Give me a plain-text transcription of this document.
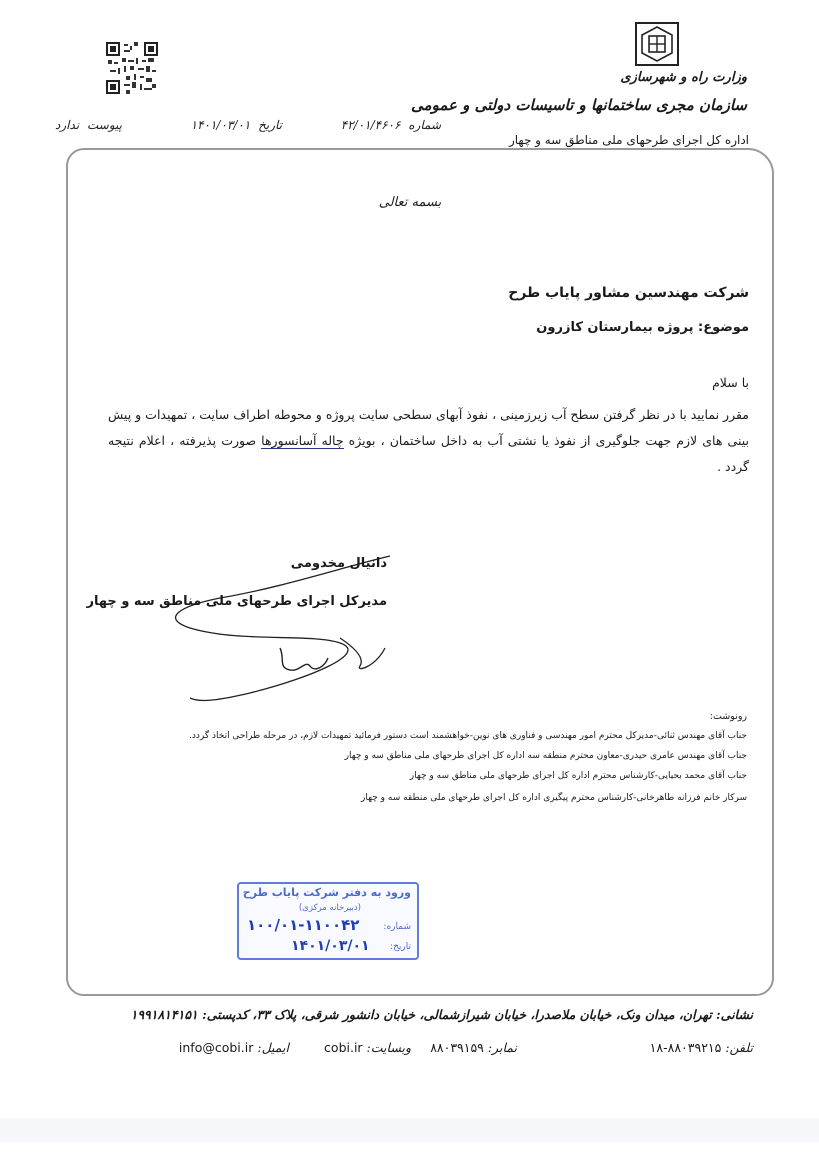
وزارت راه و شهرسازی
سازمان مجری ساختمانها و تاسیسات دولتی و عمومی
اداره کل اجرای طرحهای ملی مناطق سه و چهار
شماره ۴۲/۰۱/۴۶۰۶
تاریخ ۱۴۰۱/۰۳/۰۱
پیوست ندارد
بسمه تعالی
شرکت مهندسین مشاور پایاب طرح
موضوع: پروژه بیمارستان کازرون
با سلام
مقرر نمایید با در نظر گرفتن سطح آب زیرزمینی ، نفوذ آبهای سطحی سایت پروژه و محوطه اطراف سایت ، تمهیدات و پیش بینی های لازم جهت جلوگیری از نفوذ یا نشتی آب به داخل ساختمان ، بویژه چاله آسانسورها صورت پذیرفته ، اعلام نتیجه گردد .
دانیال مخدومی
مدیرکل اجرای طرحهای ملی مناطق سه و چهار
رونوشت:
جناب آقای مهندس ثنائی-مدیرکل محترم امور مهندسی و فناوری های نوین-خواهشمند است دستور فرمائید تمهیدات لازم، در مرحله طراحی اتخاذ گردد.
جناب آقای مهندس عامری حیدری-معاون محترم منطقه سه اداره کل اجرای طرحهای ملی مناطق سه و چهار
جناب آقای محمد بحیایی-کارشناس محترم اداره کل اجرای طرحهای ملی مناطق سه و چهار
سرکار خانم فرزانه طاهرخانی-کارشناس محترم پیگیری اداره کل اجرای طرحهای ملی منطقه سه و چهار
ورود به دفتر شرکت پایاب طرح
(دبیرخانه مرکزی)
شماره:
۱۰۰/۰۱-۱۱۰۰۴۲
تاریخ:
۱۴۰۱/۰۳/۰۱
نشانی: تهران، میدان ونک، خیابان ملاصدرا، خیابان شیرازشمالی، خیابان دانشور شرقی، پلاک ۳۳، کدپستی: ۱۹۹۱۸۱۴۱۵۱
تلفن: ۸۸۰۳۹۲۱۵-۱۸
نمابر: ۸۸۰۳۹۱۵۹
وبسایت: cobi.ir
ایمیل: info@cobi.ir
